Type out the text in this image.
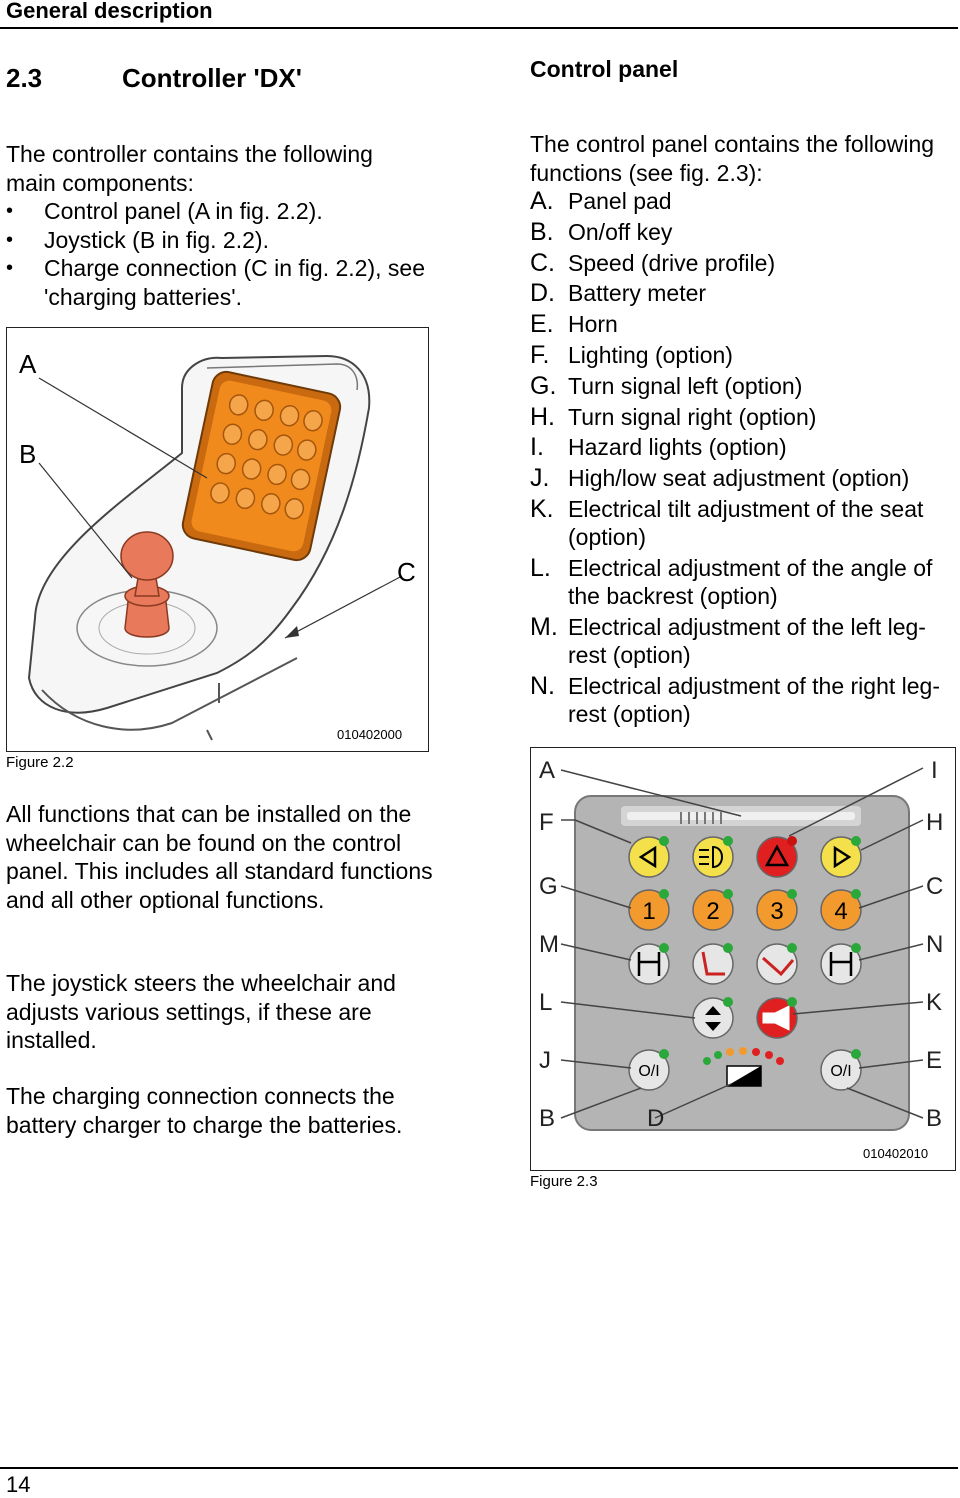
General description
2.3	Controller 'DX'
The controller contains the following main components:
• Control panel (A in fig. 2.2).
• Joystick (B in fig. 2.2).
• Charge connection (C in fig. 2.2), see 'charging batteries'.
A
B
C
010402000
Figure 2.2
All functions that can be installed on the wheelchair can be found on the control panel. This includes all standard functions and all other optional functions.
The joystick steers the wheelchair and adjusts various settings, if these are installed.
The charging connection connects the battery charger to charge the batteries.
Control panel
The control panel contains the following functions (see fig. 2.3):
A. Panel pad
B. On/off key
C. Speed (drive profile)
D. Battery meter
E. Horn
F. Lighting (option)
G. Turn signal left (option)
H. Turn signal right (option)
I. Hazard lights (option)
J. High/low seat adjustment (option)
K. Electrical tilt adjustment of the seat (option)
L. Electrical adjustment of the angle of the backrest (option)
M. Electrical adjustment of the left leg-rest (option)
N. Electrical adjustment of the right leg-rest (option)
1 2 3 4
O/I	O/I
A
F
G
M
L
J
B
I
H
C
N
K
E
B
D
010402010
Figure 2.3
14
